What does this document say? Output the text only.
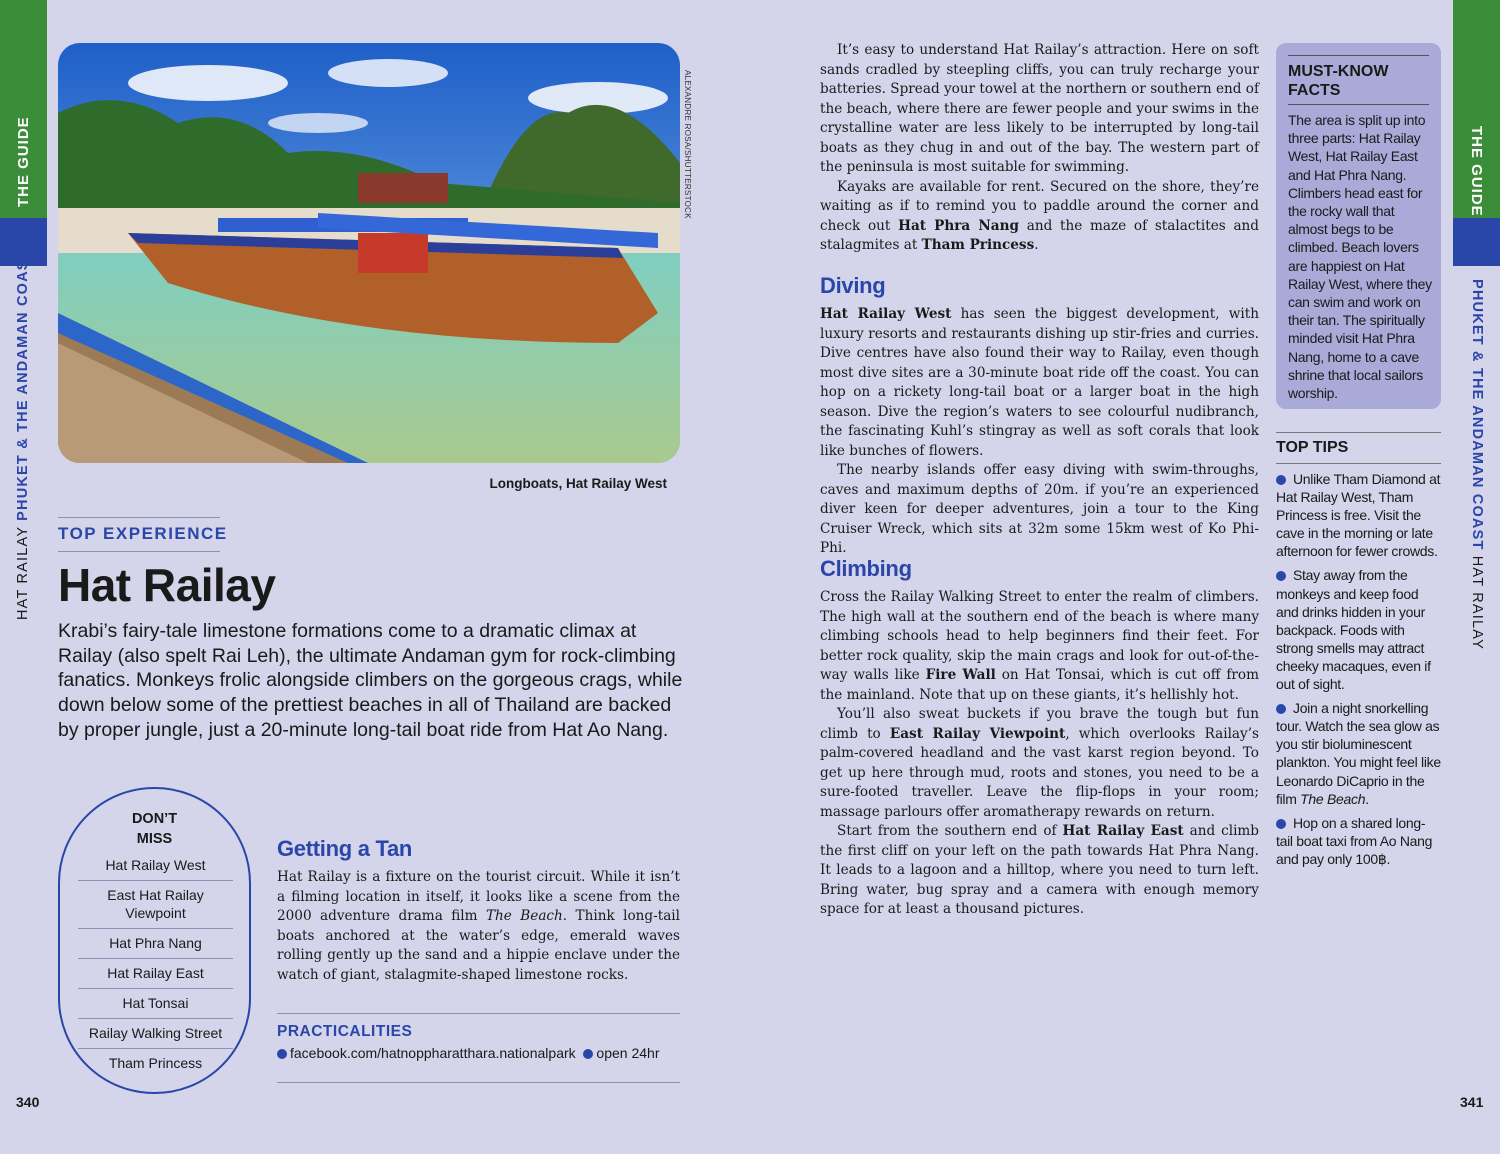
THE GUIDE
HAT RAILAY PHUKET & THE ANDAMAN COAST
THE GUIDE
PHUKET & THE ANDAMAN COAST HAT RAILAY
340	341
ALEXANDRE ROSA/SHUTTERSTOCK
Longboats, Hat Railay West
TOP EXPERIENCE
Hat Railay

Krabi’s fairy-tale limestone formations come to a dramatic climax at Railay (also spelt Rai Leh), the ultimate Andaman gym for rock-climbing fanatics. Monkeys frolic alongside climbers on the gorgeous crags, while down below some of the prettiest beaches in all of Thailand are backed by proper jungle, just a 20-minute long-tail boat ride from Hat Ao Nang.

DON’T
MISS
Hat Railay West
East Hat Railay Viewpoint
Hat Phra Nang
Hat Railay East
Hat Tonsai
Railay Walking Street
Tham Princess
Getting a Tan

Hat Railay is a fixture on the tourist circuit. While it isn’t a filming location in itself, it looks like a scene from the 2000 adventure drama film The Beach. Think long-tail boats anchored at the water’s edge, emerald waves rolling gently up the sand and a hippie enclave under the watch of giant, stalagmite-shaped limestone rocks.

PRACTICALITIES
facebook.com/hatnoppharatthara.nationalpark open 24hr

It’s easy to understand Hat Railay’s attraction. Here on soft sands cradled by steepling cliffs, you can truly recharge your batteries. Spread your towel at the northern or southern end of the beach, where there are fewer people and your swims in the crystalline water are less likely to be interrupted by long-tail boats as they chug in and out of the bay. The western part of the peninsula is most suitable for swimming.

Kayaks are available for rent. Secured on the shore, they’re waiting as if to remind you to paddle around the corner and check out Hat Phra Nang and the maze of stalactites and stalagmites at Tham Princess.

Diving

Hat Railay West has seen the biggest development, with luxury resorts and restaurants dishing up stir-fries and curries. Dive centres have also found their way to Railay, even though most dive sites are a 30-minute boat ride off the coast. You can hop on a rickety long-tail boat or a larger boat in the high season. Dive the region’s waters to see colourful nudibranch, the fascinating Kuhl’s stingray as well as soft corals that look like bunches of flowers.

The nearby islands offer easy diving with swim-throughs, caves and maximum depths of 20m. if you’re an experienced diver keen for deeper adventures, join a tour to the King Cruiser Wreck, which sits at 32m some 15km west of Ko Phi-Phi.

Climbing

Cross the Railay Walking Street to enter the realm of climbers. The high wall at the southern end of the beach is where many climbing schools head to help beginners find their feet. For better rock quality, skip the main crags and look for out-of-the-way walls like Fire Wall on Hat Tonsai, which is cut off from the mainland. Note that up on these giants, it’s hellishly hot.

You’ll also sweat buckets if you brave the tough but fun climb to East Railay Viewpoint, which overlooks Railay’s palm-covered headland and the vast karst region beyond. To get up here through mud, roots and stones, you need to be a sure-footed traveller. Leave the flip-flops in your room; massage parlours offer aromatherapy rewards on return.

Start from the southern end of Hat Railay East and climb the first cliff on your left on the path towards Hat Phra Nang. It leads to a lagoon and a hilltop, where you need to turn left. Bring water, bug spray and a camera with enough memory space for at least a thousand pictures.

MUST-KNOW
FACTS
The area is split up into three parts: Hat Railay West, Hat Railay East and Hat Phra Nang. Climbers head east for the rocky wall that almost begs to be climbed. Beach lovers are happiest on Hat Railay West, where they can swim and work on their tan. The spiritually minded visit Hat Phra Nang, home to a cave shrine that local sailors worship.
TOP TIPS
Unlike Tham Diamond at Hat Railay West, Tham Princess is free. Visit the cave in the morning or late afternoon for fewer crowds.
Stay away from the monkeys and keep food and drinks hidden in your backpack. Foods with strong smells may attract cheeky macaques, even if out of sight.
Join a night snorkelling tour. Watch the sea glow as you stir bioluminescent plankton. You might feel like Leonardo DiCaprio in the film The Beach.
Hop on a shared long-tail boat taxi from Ao Nang and pay only 100฿.
